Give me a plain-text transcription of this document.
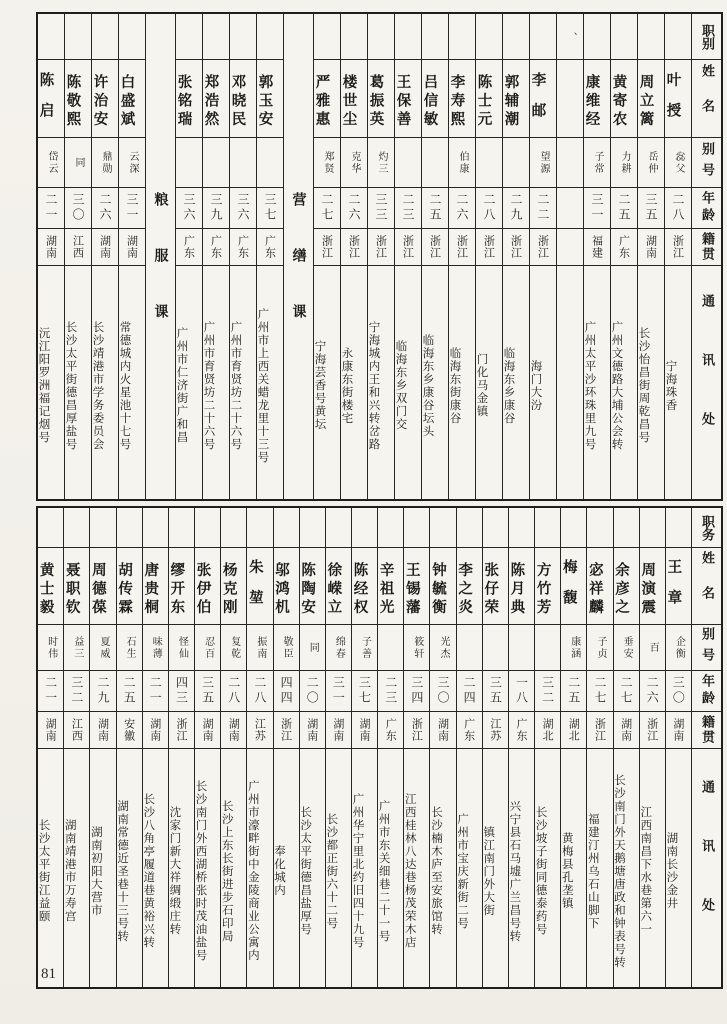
职别
姓名
别号
年龄
籍贯
通讯处
叶授
惢父
二八
浙江
宁海珠香
周立篱
岳仲
三五
湖南
长沙怡昌街周乾昌号
黄寄农
力耕
二五
广东
广州文德路大埔公会转
康维经
子常
三一
福建
广州太平沙环珠里九号
、
李邮
望源
二二
浙江
海门大汾
郭辅潮
二九
浙江
临海东乡康谷
陈士元
二八
浙江
门化马金镇
李寿熙
伯康
二六
浙江
临海东街康谷
吕信敏
二五
浙江
临海东乡康谷坛头
王保善
二三
浙江
临海东乡双门交
葛振英
灼三
三三
浙江
宁海城内王和兴转岔路
楼世尘
克华
二六
浙江
永康东街楼宅
严雅惠
郑贤
二七
浙江
宁海芸香号黄坛
营缮课
郭玉安
三七
广东
广州市上西关蜡龙里十三号
邓晓民
三六
广东
广州市育贤坊二十六号
郑浩然
三九
广东
广州市育贤坊二十六号
张铭瑞
三六
广东
广州市仁济街广和昌
粮服课
白盛斌
云深
三一
湖南
常德城内火星池十七号
许治安
鼎勋
二六
湖南
长沙靖港市学务委员会
陈敬熙
同
三〇
江西
长沙太平街德昌厚盐号
陈启
岱云
二一
湖南
沅江阳罗洲福记烟号
职务
姓名
别号
年龄
籍贯
通讯处
王章
企衡
三〇
湖南
湖南长沙金井
周演震
百
二六
浙江
江西南昌下水巷第六一
余彦之
垂安
二七
湖南
长沙南门外天鹅塘唐政和钟表号转
宓祥麟
子贞
二七
浙江
福建汀州乌石山脚下
梅馥
康涵
二五
湖北
黄梅县孔垄镇
方竹芳
三二
湖北
长沙坡子街同德泰药号
陈月典
一八
广东
兴宁县石马墟广兰昌号转
张仔荣
三五
江苏
镇江南门外大街
李之炎
二四
广东
广州市宝庆新街二号
钟毓衡
光杰
三〇
湖南
长沙楠木庐至安旅馆转
王锡藩
筱轩
三四
浙江
江西桂林八达巷杨茂荣木店
辛祖光
二三
广东
广州市东关细巷二十一号
陈经权
子善
三七
湖南
广州华宁里北约旧四十九号
徐嵘立
绵春
三一
湖南
长沙都正街六十二号
陈陶安
同
二〇
湖南
长沙太平街德昌盐厚号
邬鸿机
敬臣
四四
浙江
奉化城内
朱堃
振南
二八
江苏
广州市濠畔街中金陵商业公寓内
杨克刚
复乾
二八
湖南
长沙上东长街进步石印局
张伊伯
忍百
三五
湖南
长沙南门外西湖桥张时茂油盐号
缪开东
怪仙
四三
浙江
沈家门新大祥绸缎庄转
唐贵桐
味薄
二一
湖南
长沙八角亭履道巷黄裕兴转
胡传霖
石生
二五
安徽
湖南常德近圣巷十三号转
周德葆
夏威
二九
湖南
湖南初阳大营市
聂职钦
益三
三二
江西
湖南靖港市万寿宫
黄士毅
时伟
二一
湖南
长沙太平街江益颐
81
